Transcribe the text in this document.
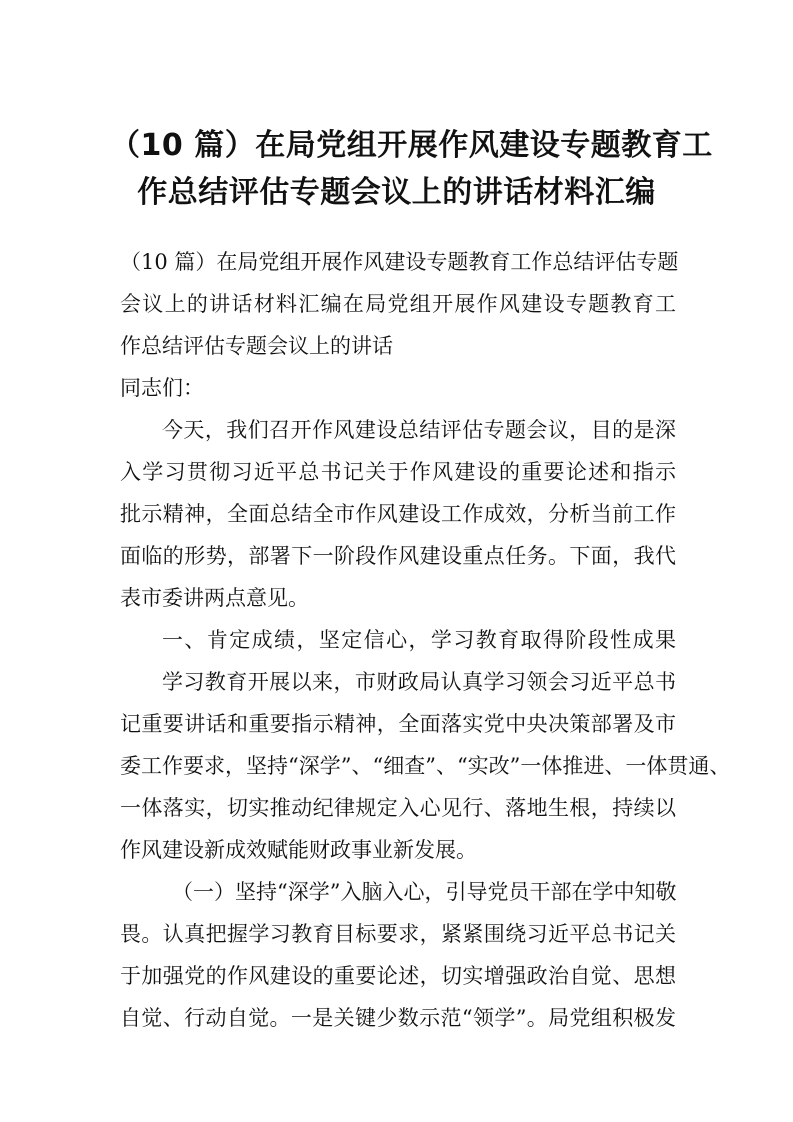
（10 篇）在局党组开展作风建设专题教育工
作总结评估专题会议上的讲话材料汇编
（10 篇）在局党组开展作风建设专题教育工作总结评估专题
会议上的讲话材料汇编在局党组开展作风建设专题教育工
作总结评估专题会议上的讲话
同志们：
今天，我们召开作风建设总结评估专题会议，目的是深
入学习贯彻习近平总书记关于作风建设的重要论述和指示
批示精神，全面总结全市作风建设工作成效，分析当前工作
面临的形势，部署下一阶段作风建设重点任务。下面，我代
表市委讲两点意见。
一、肯定成绩，坚定信心，学习教育取得阶段性成果
学习教育开展以来，市财政局认真学习领会习近平总书
记重要讲话和重要指示精神，全面落实党中央决策部署及市
委工作要求，坚持“深学”、“细查”、“实改”一体推进、一体贯通、
一体落实，切实推动纪律规定入心见行、落地生根，持续以
作风建设新成效赋能财政事业新发展。
（一）坚持“深学”入脑入心，引导党员干部在学中知敬
畏。认真把握学习教育目标要求，紧紧围绕习近平总书记关
于加强党的作风建设的重要论述，切实增强政治自觉、思想
自觉、行动自觉。一是关键少数示范“领学”。局党组积极发
